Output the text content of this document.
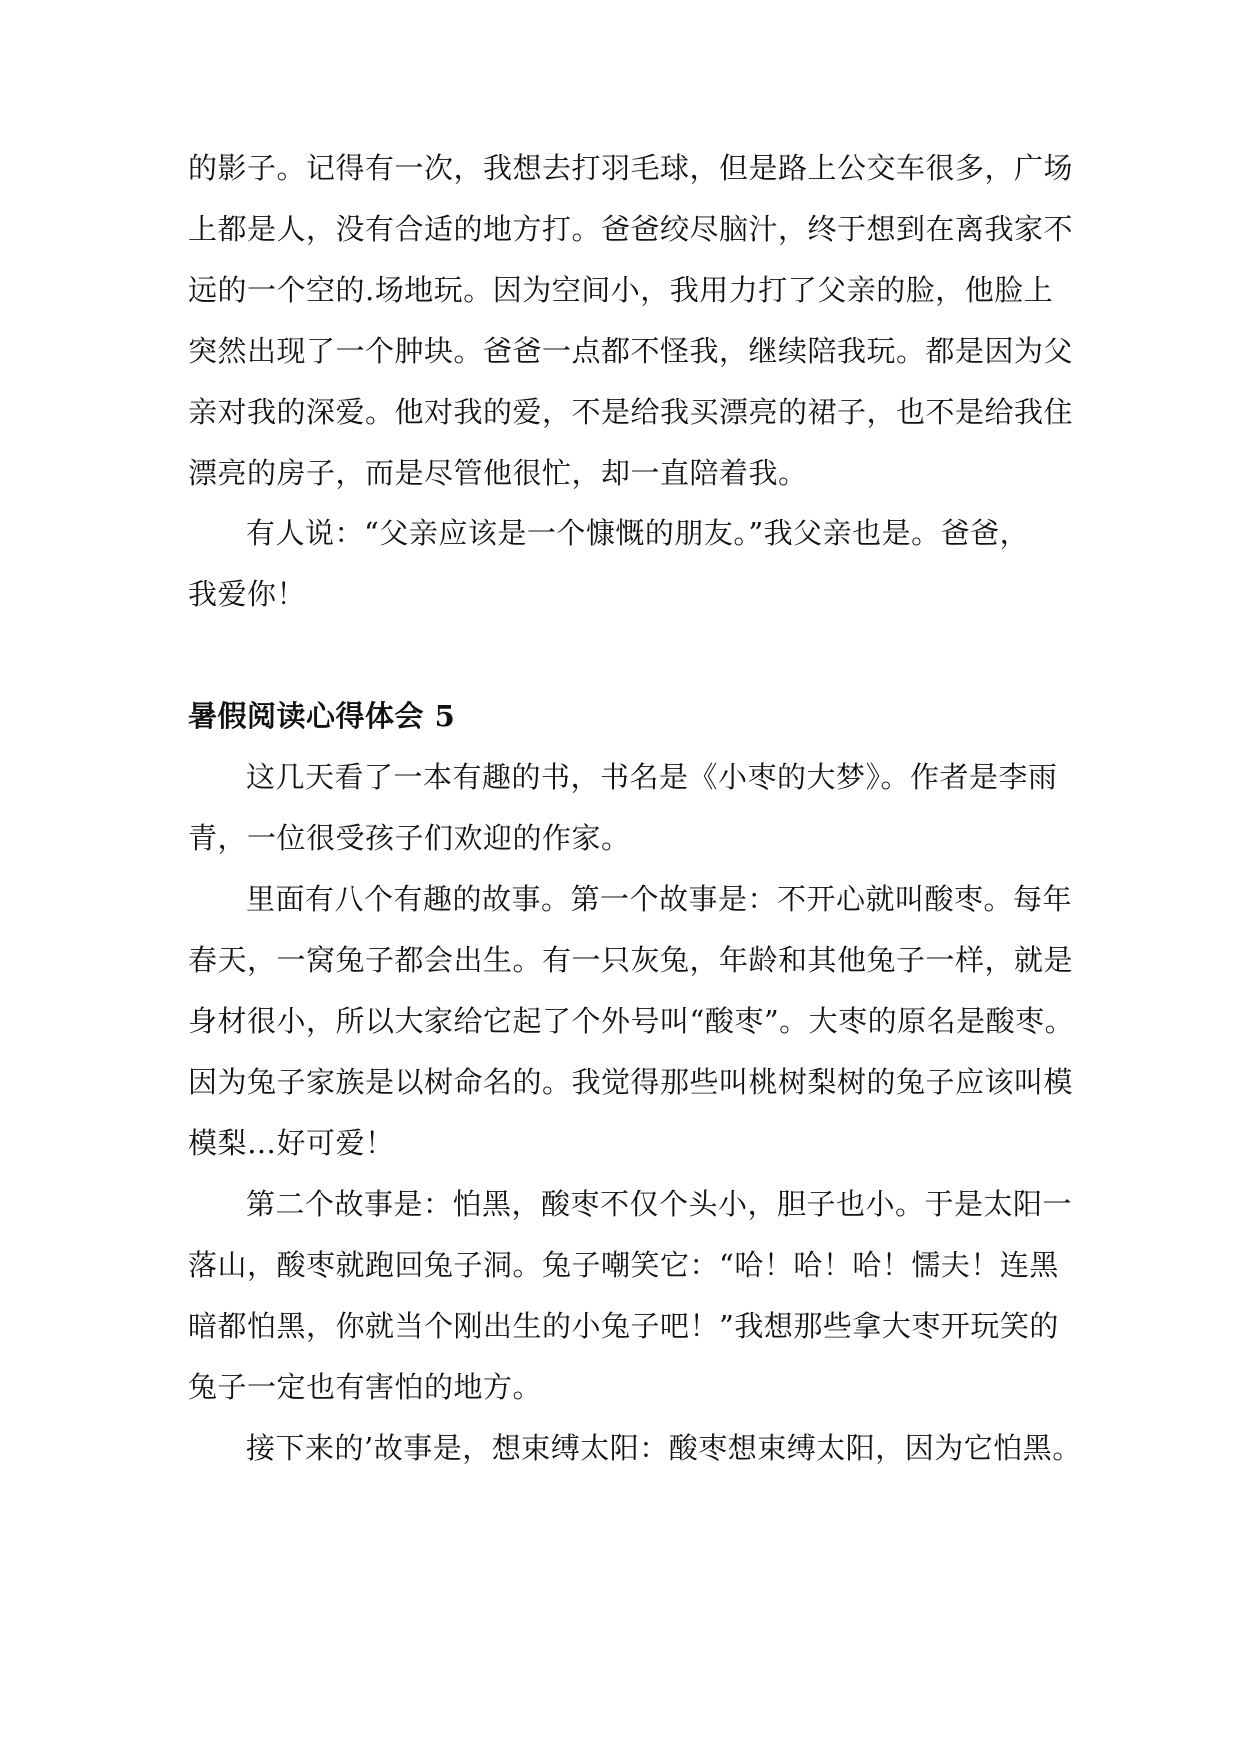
的影子。记得有一次，我想去打羽毛球，但是路上公交车很多，广场
上都是人，没有合适的地方打。爸爸绞尽脑汁，终于想到在离我家不
远的一个空的.场地玩。因为空间小，我用力打了父亲的脸，他脸上
突然出现了一个肿块。爸爸一点都不怪我，继续陪我玩。都是因为父
亲对我的深爱。他对我的爱，不是给我买漂亮的裙子，也不是给我住
漂亮的房子，而是尽管他很忙，却一直陪着我。

有人说：“父亲应该是一个慷慨的朋友。”我父亲也是。爸爸，
我爱你！

暑假阅读心得体会 5

这几天看了一本有趣的书，书名是《小枣的大梦》。作者是李雨
青，一位很受孩子们欢迎的作家。

里面有八个有趣的故事。第一个故事是：不开心就叫酸枣。每年
春天，一窝兔子都会出生。有一只灰兔，年龄和其他兔子一样，就是
身材很小，所以大家给它起了个外号叫“酸枣”。大枣的原名是酸枣。
因为兔子家族是以树命名的。我觉得那些叫桃树梨树的兔子应该叫模
模梨…好可爱！

第二个故事是：怕黑，酸枣不仅个头小，胆子也小。于是太阳一
落山，酸枣就跑回兔子洞。兔子嘲笑它：“哈！哈！哈！懦夫！连黑
暗都怕黑，你就当个刚出生的小兔子吧！”我想那些拿大枣开玩笑的
兔子一定也有害怕的地方。

接下来的’故事是，想束缚太阳：酸枣想束缚太阳，因为它怕黑。
